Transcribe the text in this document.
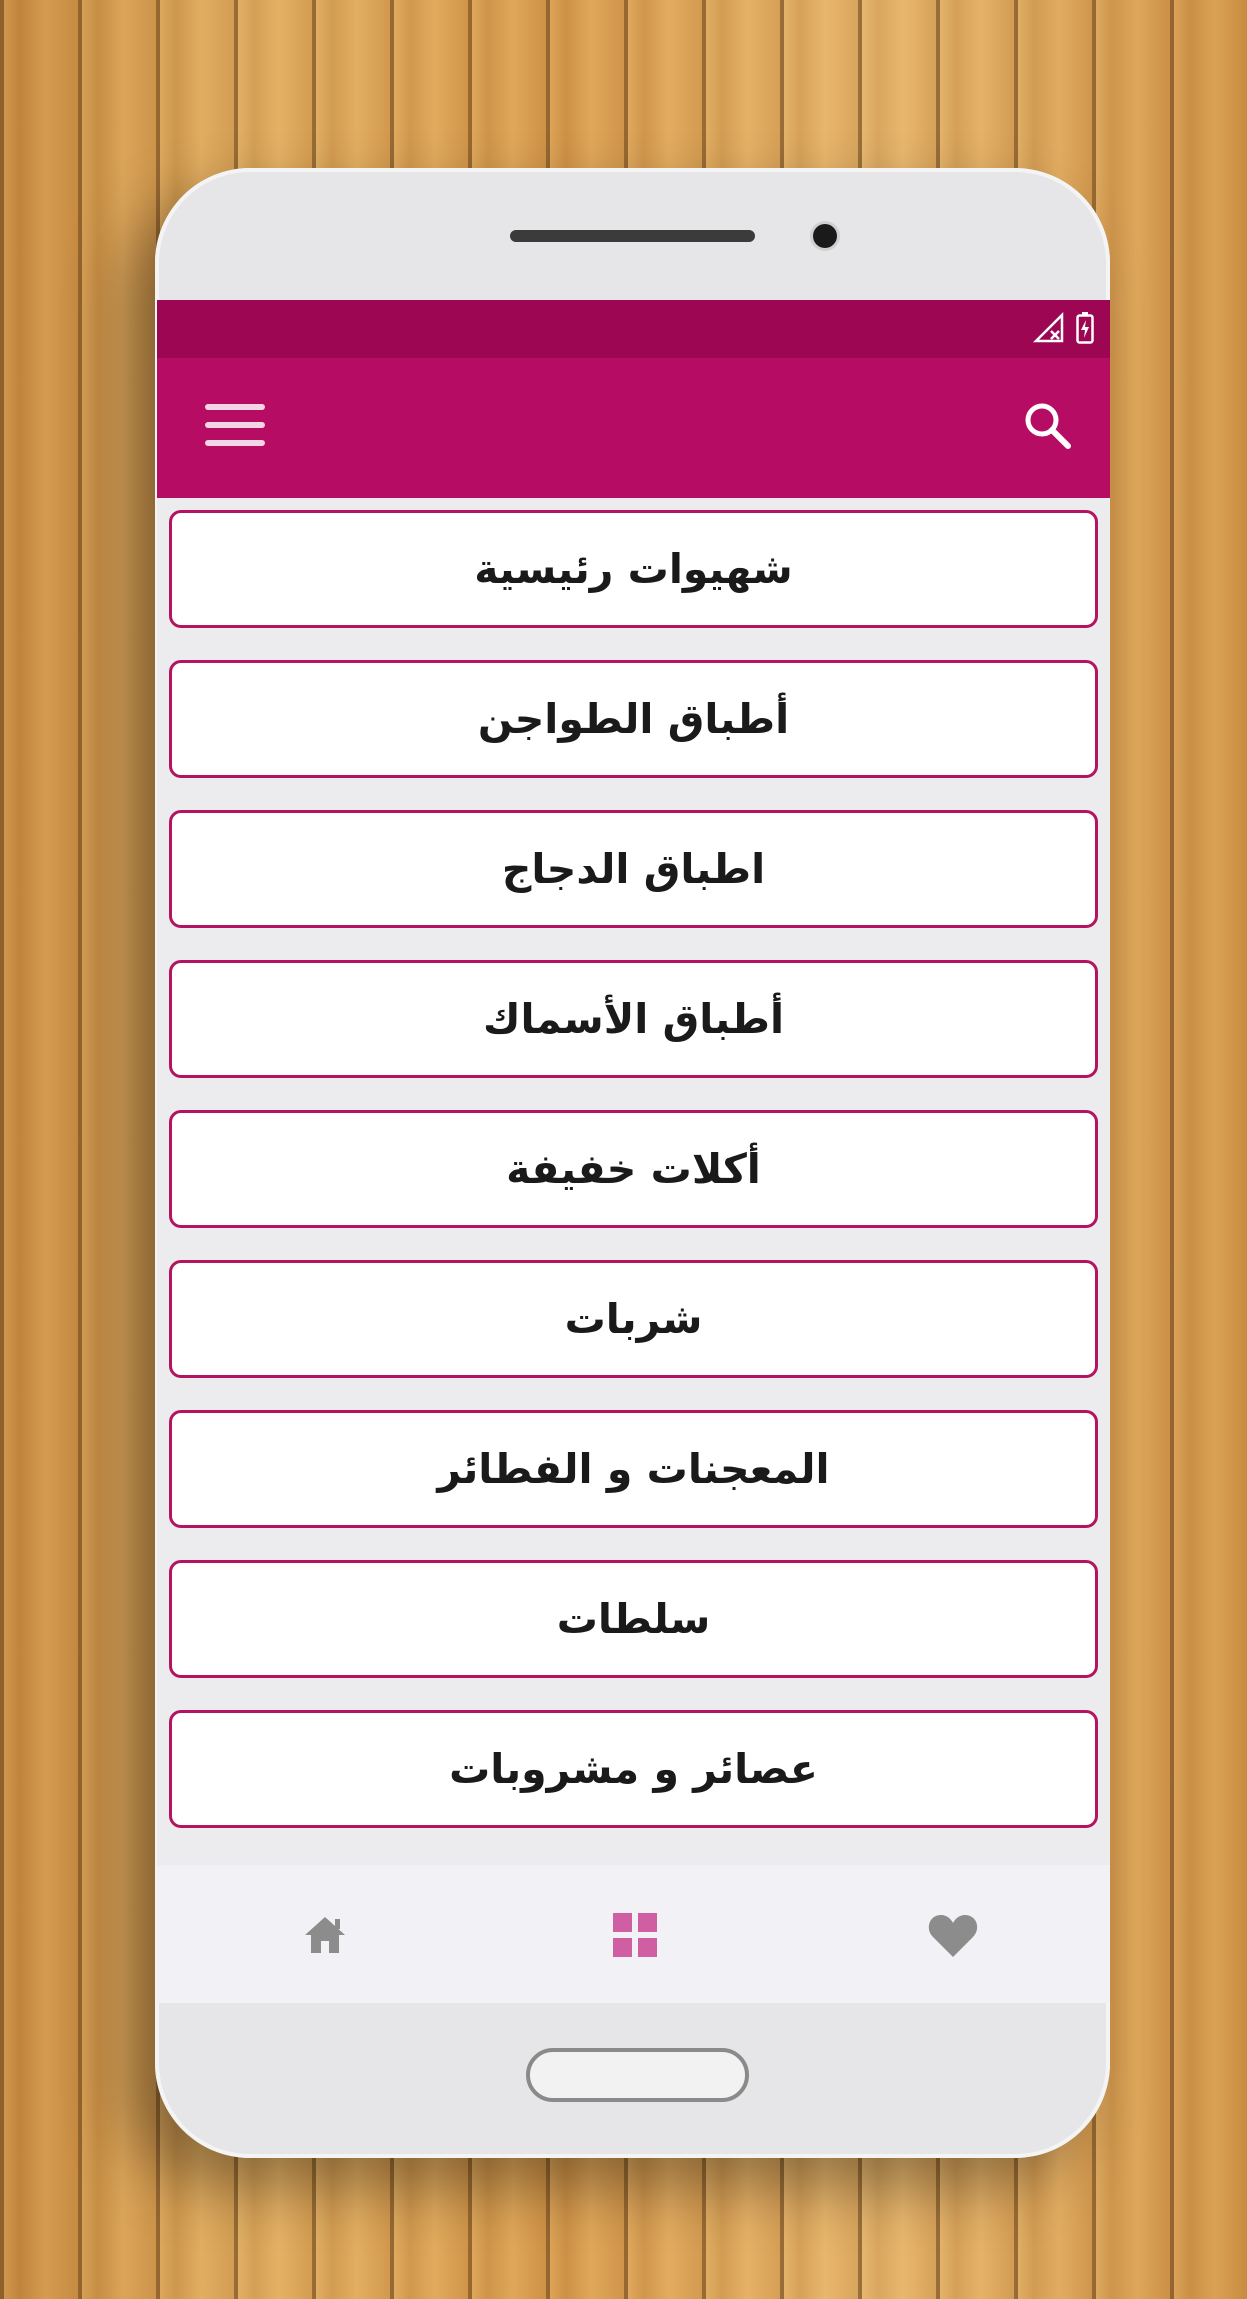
شهيوات رئيسية
أطباق الطواجن
اطباق الدجاج
أطباق الأسماك
أكلات خفيفة
شربات
المعجنات و الفطائر
سلطات
عصائر و مشروبات
